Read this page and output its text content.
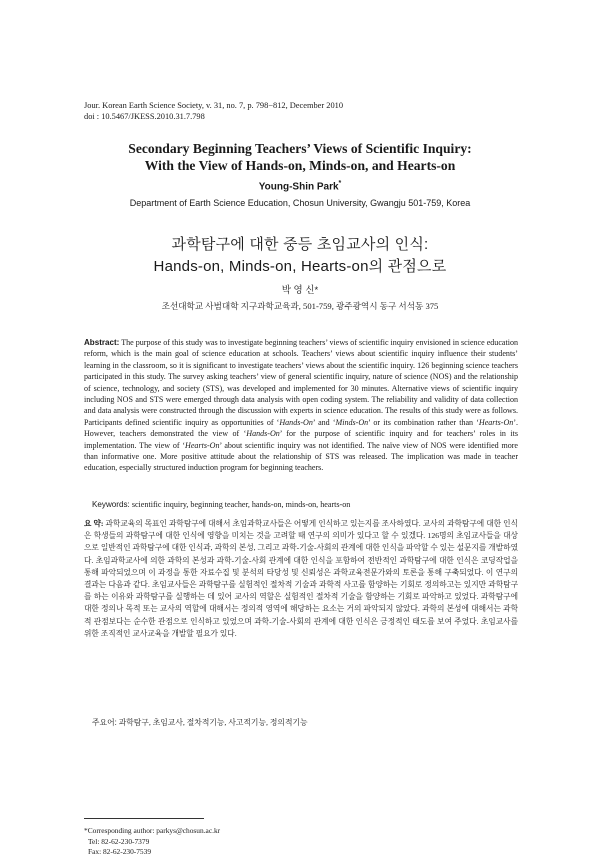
Jour. Korean Earth Science Society, v. 31, no. 7, p. 798−812, December 2010
doi : 10.5467/JKESS.2010.31.7.798
Secondary Beginning Teachers’ Views of Scientific Inquiry:
With the View of Hands-on, Minds-on, and Hearts-on
Young-Shin Park*
Department of Earth Science Education, Chosun University, Gwangju 501-759, Korea
과학탐구에 대한 중등 초임교사의 인식:
Hands-on, Minds-on, Hearts-on의 관점으로
박 영 신*
조선대학교 사범대학 지구과학교육과, 501-759, 광주광역시 동구 서석동 375
Abstract: The purpose of this study was to investigate beginning teachers’ views of scientific inquiry envisioned in science education reform, which is the main goal of science education at schools. Teachers’ views about scientific inquiry influence their students’ learning in the classroom, so it is significant to investigate teachers’ views about the scientific inquiry. 126 beginning science teachers participated in this study. The survey asking teachers’ view of general scientific inquiry, nature of science (NOS) and the relationship of science, technology, and society (STS), was developed and implemented for 30 minutes. Alternative views of scientific inquiry including NOS and STS were emerged through data analysis with open coding system. The reliability and validity of data collection and data analysis were constructed through the discussion with experts in science education. The results of this study were as follows. Participants defined scientific inquiry as opportunities of ‘Hands-On’ and ‘Minds-On’ or its combination rather than ‘Hearts-On’. However, teachers demonstrated the view of ‘Hands-On’ for the purpose of scientific inquiry and for teachers’ roles in its implementation. The view of ‘Hearts-On’ about scientific inquiry was not identified. The naïve view of NOS were identified more than informative one. More positive attitude about the relationship of STS was released. The implication was made in teacher education, especially structured induction program for beginning teachers.
Keywords: scientific inquiry, beginning teacher, hands-on, minds-on, hearts-on
요 약: 과학교육의 목표인 과학탐구에 대해서 초임과학교사들은 어떻게 인식하고 있는지를 조사하였다. 교사의 과학탐구에 대한 인식은 학생들의 과학탐구에 대한 인식에 영향을 미치는 것을 고려할 때 연구의 의미가 있다고 할 수 있겠다. 126명의 초임교사들을 대상으로 일반적인 과학탐구에 대한 인식과, 과학의 본성, 그리고 과학-기술-사회의 관계에 대한 인식을 파악할 수 있는 설문지를 개발하였다. 초임과학교사에 의한 과학의 본성과 과학-기술-사회 관계에 대한 인식을 포함하여 전반적인 과학탐구에 대한 인식은 코딩작업을 통해 파악되었으며 이 과정을 통한 자료수집 및 분석의 타당성 및 신뢰성은 과학교육전문가와의 토론을 통해 구축되었다. 이 연구의 결과는 다음과 같다. 초임교사들은 과학탐구를 실험적인 절차적 기술과 과학적 사고를 함양하는 기회로 정의하고는 있지만 과학탐구를 하는 이유와 과학탐구를 실행하는 데 있어 교사의 역할은 실험적인 절차적 기술을 함양하는 기회로 파악하고 있었다. 과학탐구에 대한 정의나 목적 또는 교사의 역할에 대해서는 정의적 영역에 해당하는 요소는 거의 파악되지 않았다. 과학의 본성에 대해서는 과학적 관점보다는 순수한 관점으로 인식하고 있었으며 과학-기술-사회의 관계에 대한 인식은 긍정적인 태도를 보여 주었다. 초임교사를 위한 조직적인 교사교육을 개발할 필요가 있다.
주요어: 과학탐구, 초임교사, 절차적기능, 사고적기능, 정의적기능
*Corresponding author: parkys@chosun.ac.kr
Tel: 82-62-230-7379
Fax: 82-62-230-7539
